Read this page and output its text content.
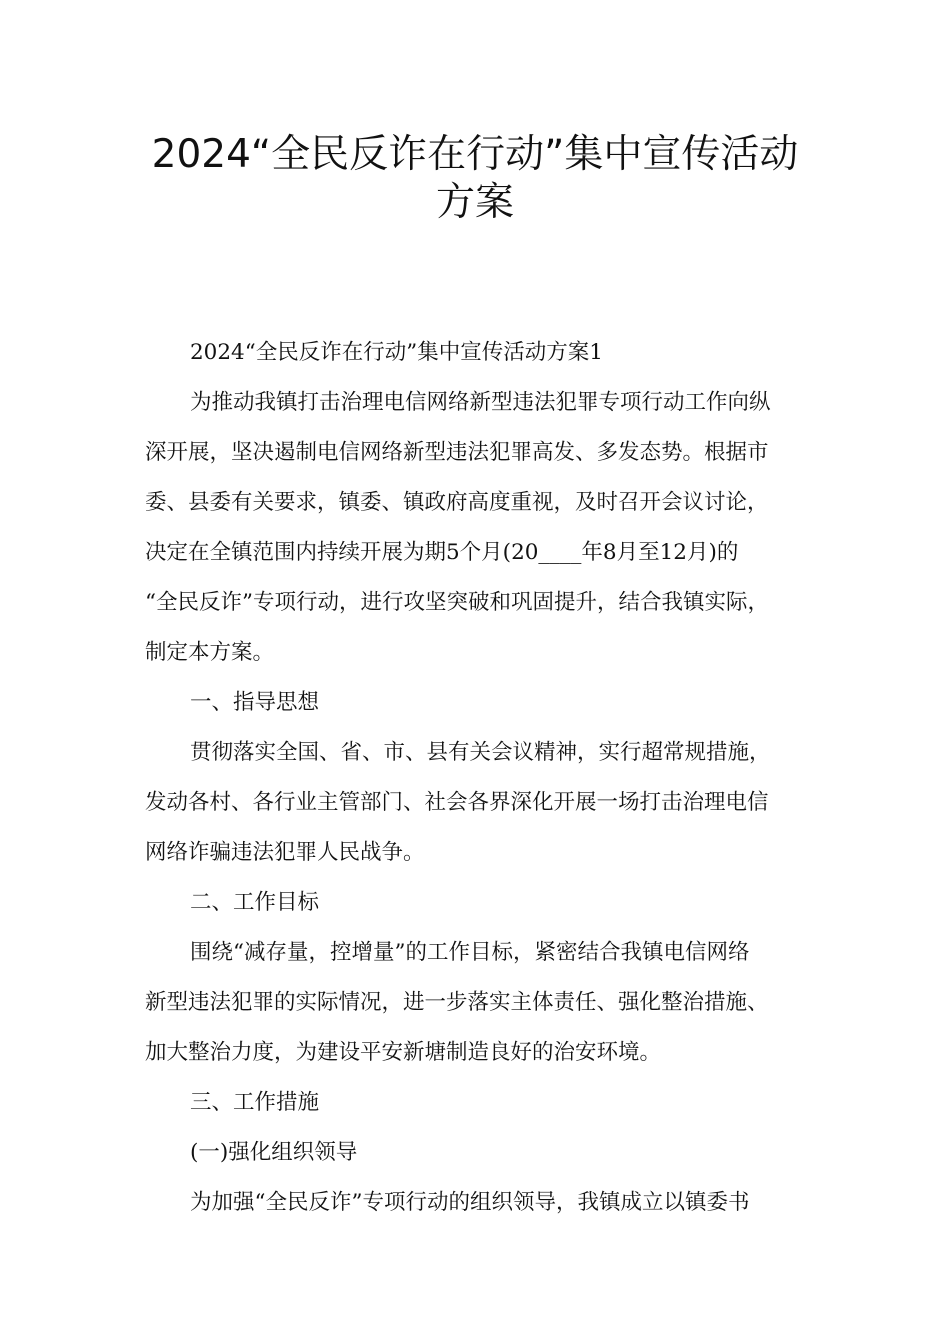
2024“全民反诈在行动”集中宣传活动
方案
2024“全民反诈在行动”集中宣传活动方案1
为推动我镇打击治理电信网络新型违法犯罪专项行动工作向纵
深开展，坚决遏制电信网络新型违法犯罪高发、多发态势。根据市
委、县委有关要求，镇委、镇政府高度重视，及时召开会议讨论，
决定在全镇范围内持续开展为期5个月(20____年8月至12月)的
“全民反诈”专项行动，进行攻坚突破和巩固提升，结合我镇实际，
制定本方案。
一、指导思想
贯彻落实全国、省、市、县有关会议精神，实行超常规措施，
发动各村、各行业主管部门、社会各界深化开展一场打击治理电信
网络诈骗违法犯罪人民战争。
二、工作目标
围绕“减存量，控增量”的工作目标，紧密结合我镇电信网络
新型违法犯罪的实际情况，进一步落实主体责任、强化整治措施、
加大整治力度，为建设平安新塘制造良好的治安环境。
三、工作措施
(一)强化组织领导
为加强“全民反诈”专项行动的组织领导，我镇成立以镇委书
